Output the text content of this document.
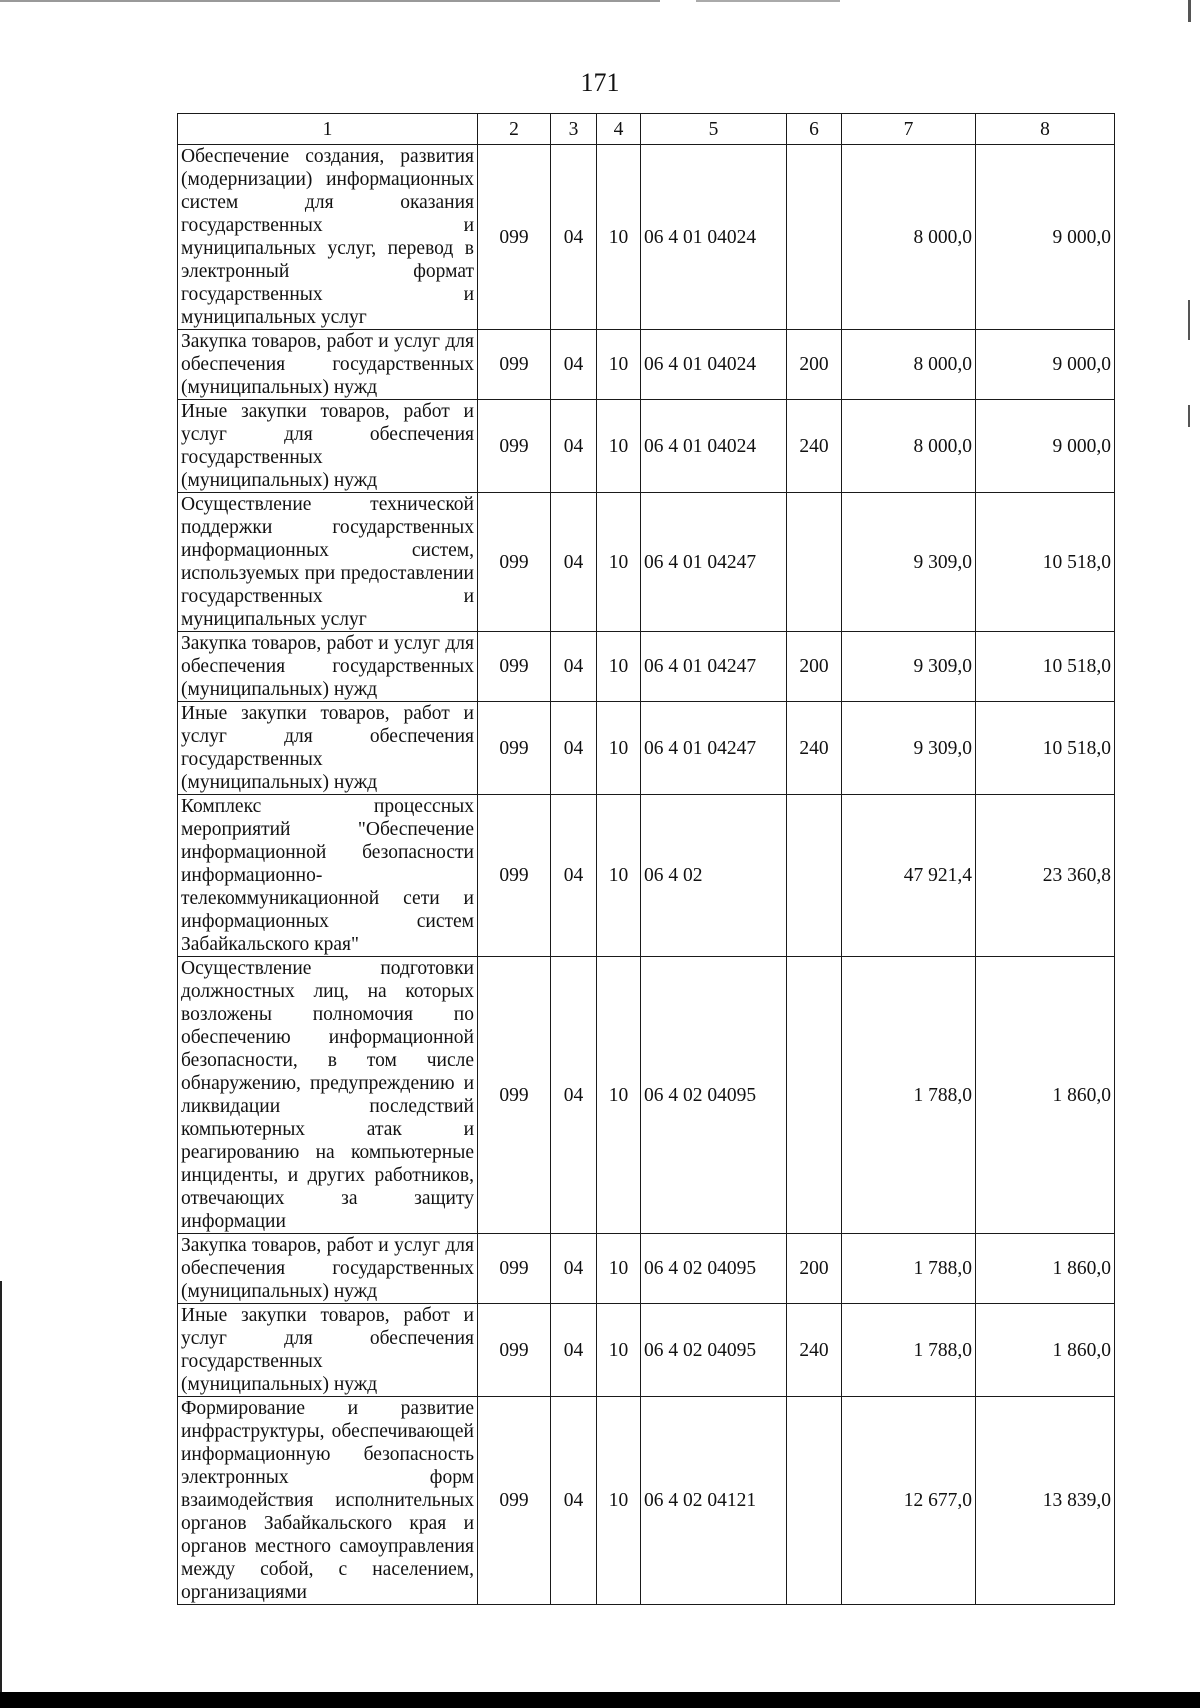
171
1	2	3	4	5	6	7	8
Обеспечение создания, развития (модернизации) информационных систем для оказания государственных и муниципальных услуг, перевод в электронный формат государственных и муниципальных услуг	099	04	10	06 4 01 04024		8 000,0	9 000,0
Закупка товаров, работ и услуг для обеспечения государственных (муниципальных) нужд	099	04	10	06 4 01 04024	200	8 000,0	9 000,0
Иные закупки товаров, работ и услуг для обеспечения государственных (муниципальных) нужд	099	04	10	06 4 01 04024	240	8 000,0	9 000,0
Осуществление технической поддержки государственных информационных систем, используемых при предоставлении государственных и муниципальных услуг	099	04	10	06 4 01 04247		9 309,0	10 518,0
Закупка товаров, работ и услуг для обеспечения государственных (муниципальных) нужд	099	04	10	06 4 01 04247	200	9 309,0	10 518,0
Иные закупки товаров, работ и услуг для обеспечения государственных (муниципальных) нужд	099	04	10	06 4 01 04247	240	9 309,0	10 518,0
Комплекс процессных мероприятий "Обеспечение информационной безопасности информационно-телекоммуникационной сети и информационных систем Забайкальского края"	099	04	10	06 4 02		47 921,4	23 360,8
Осуществление подготовки должностных лиц, на которых возложены полномочия по обеспечению информационной безопасности, в том числе обнаружению, предупреждению и ликвидации последствий компьютерных атак и реагированию на компьютерные инциденты, и других работников, отвечающих за защиту информации	099	04	10	06 4 02 04095		1 788,0	1 860,0
Закупка товаров, работ и услуг для обеспечения государственных (муниципальных) нужд	099	04	10	06 4 02 04095	200	1 788,0	1 860,0
Иные закупки товаров, работ и услуг для обеспечения государственных (муниципальных) нужд	099	04	10	06 4 02 04095	240	1 788,0	1 860,0
Формирование и развитие инфраструктуры, обеспечивающей информационную безопасность электронных форм взаимодействия исполнительных органов Забайкальского края и органов местного самоуправления между собой, с населением, организациями	099	04	10	06 4 02 04121		12 677,0	13 839,0
